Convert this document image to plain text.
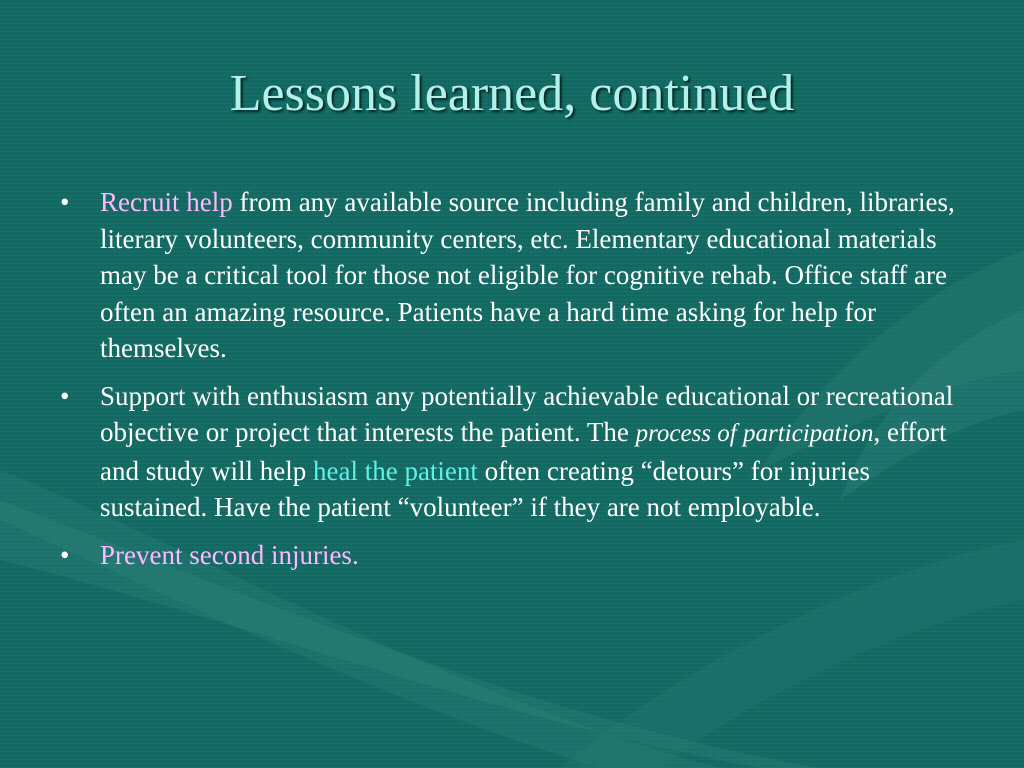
Lessons learned, continued
• Recruit help from any available source including family and children, libraries, literary volunteers, community centers, etc. Elementary educational materials may be a critical tool for those not eligible for cognitive rehab. Office staff are often an amazing resource. Patients have a hard time asking for help for themselves.
• Support with enthusiasm any potentially achievable educational or recreational objective or project that interests the patient. The process of participation, effort and study will help heal the patient often creating “detours” for injuries sustained. Have the patient “volunteer” if they are not employable.
• Prevent second injuries.
